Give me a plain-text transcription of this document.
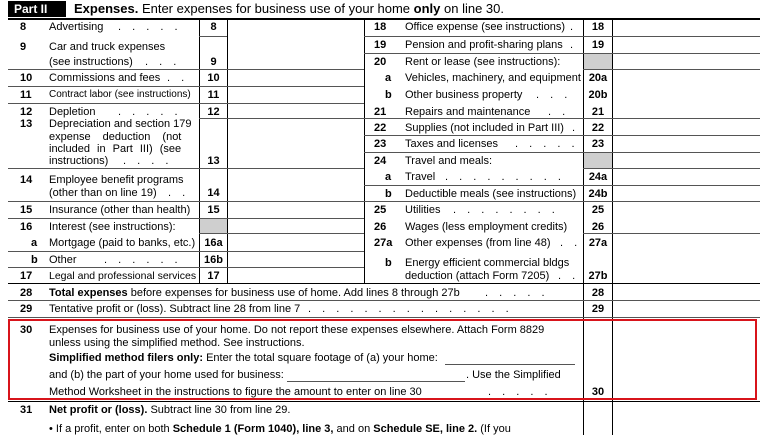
Part II	Expenses. Enter expenses for business use of your home only on line 30.
8 Advertising . . . . .	8
9 Car and truck expenses
(see instructions) . . .	9
10 Commissions and fees . .	10
11 Contract labor (see instructions)	11
12 Depletion . . . . .	12
13 Depreciation and section 179
expense deduction (not
included in Part III) (see
instructions) . . . .	13
14 Employee benefit programs
(other than on line 19) . .	14
15 Insurance (other than health)	15
16 Interest (see instructions):
a Mortgage (paid to banks, etc.) 16a
b Other . . . . . .	16b
17 Legal and professional services	17
18 Office expense (see instructions) .	18
19 Pension and profit-sharing plans .	19
20 Rent or lease (see instructions):
a Vehicles, machinery, and equipment 20a
b Other business property . . .	20b
21 Repairs and maintenance . .	21
22 Supplies (not included in Part III) .	22
23 Taxes and licenses . . . . .	23
24 Travel and meals:
a Travel . . . . . . . . .	24a
b Deductible meals (see instructions)	24b
25 Utilities . . . . . . . .	25
26 Wages (less employment credits)	26
27a Other expenses (from line 48) . . 27a
b Energy efficient commercial bldgs
deduction (attach Form 7205) . . 27b
28 Total expenses before expenses for business use of home. Add lines 8 through 27b . . . . .	28
29 Tentative profit or (loss). Subtract line 28 from line 7 . . . . . . . . . . . . . . .	29
30 Expenses for business use of your home. Do not report these expenses elsewhere. Attach Form 8829
unless using the simplified method. See instructions.
Simplified method filers only: Enter the total square footage of (a) your home:
and (b) the part of your home used for business:	. Use the Simplified
Method Worksheet in the instructions to figure the amount to enter on line 30	. . . . .	30
31 Net profit or (loss). Subtract line 30 from line 29.
• If a profit, enter on both Schedule 1 (Form 1040), line 3, and on Schedule SE, line 2. (If you
